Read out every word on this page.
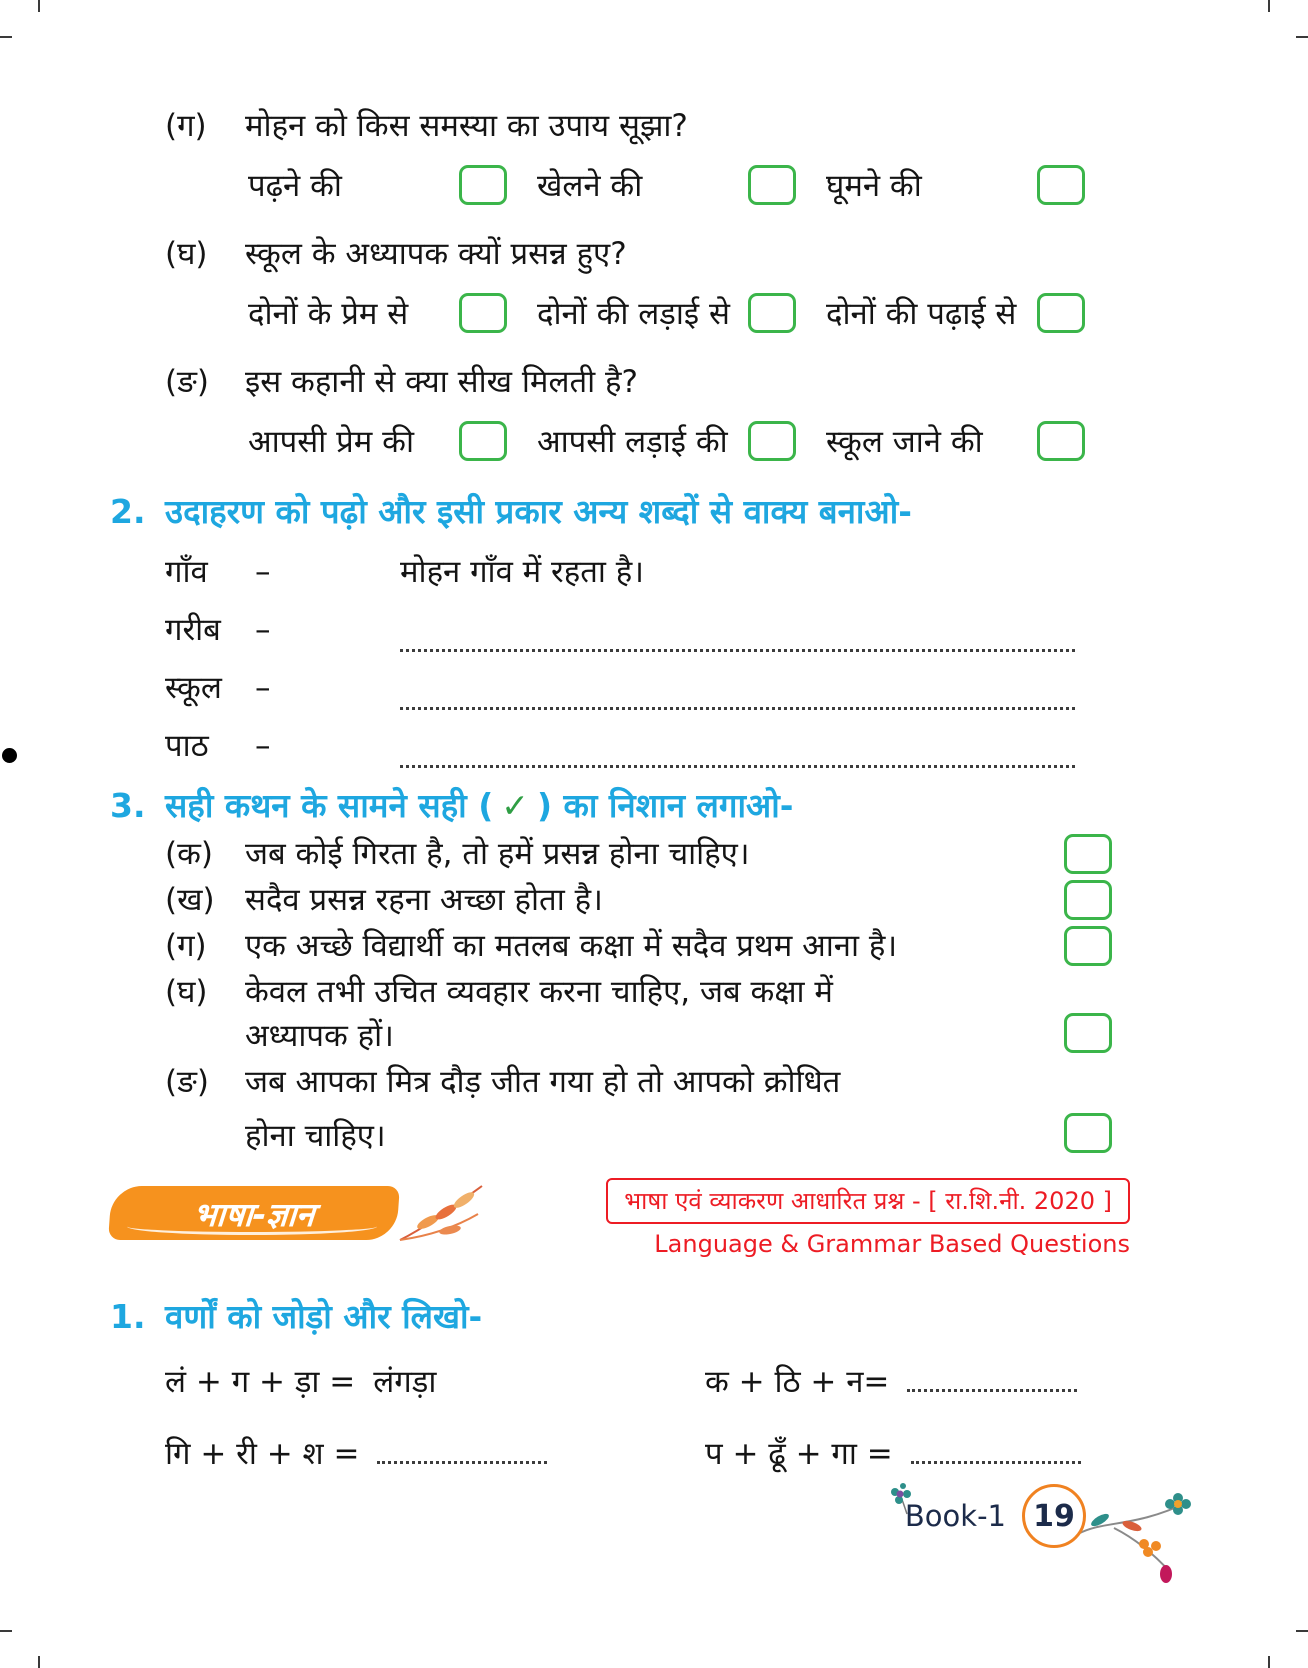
(ग)	मोहन को किस समस्या का उपाय सूझा?
पढ़ने की	खेलने की	घूमने की
(घ)	स्कूल के अध्यापक क्यों प्रसन्न हुए?
दोनों के प्रेम से	दोनों की लड़ाई से	दोनों की पढ़ाई से
(ङ)	इस कहानी से क्या सीख मिलती है?
आपसी प्रेम की	आपसी लड़ाई की	स्कूल जाने की
2. उदाहरण को पढ़ो और इसी प्रकार अन्य शब्दों से वाक्य बनाओ-
गाँव	–	मोहन गाँव में रहता है।
गरीब	–
स्कूल	–
पाठ	–
3. सही कथन के सामने सही ( ✓ ) का निशान लगाओ-
(क)	जब कोई गिरता है, तो हमें प्रसन्न होना चाहिए।
(ख) सदैव प्रसन्न रहना अच्छा होता है।
(ग)	एक अच्छे विद्यार्थी का मतलब कक्षा में सदैव प्रथम आना है।
(घ)	केवल तभी उचित व्यवहार करना चाहिए, जब कक्षा में
अध्यापक हों।
(ङ)	जब आपका मित्र दौड़ जीत गया हो तो आपको क्रोधित
होना चाहिए।
भाषा-ज्ञान	भाषा एवं व्याकरण आधारित प्रश्न - [ रा.शि.नी. 2020 ]
Language & Grammar Based Questions
1. वर्णों को जोड़ो और लिखो-
लं + ग + ड़ा = लंगड़ा	क + ठि + न=
गि + री + श =	प + ढूँ + गा =
Book-1 19
